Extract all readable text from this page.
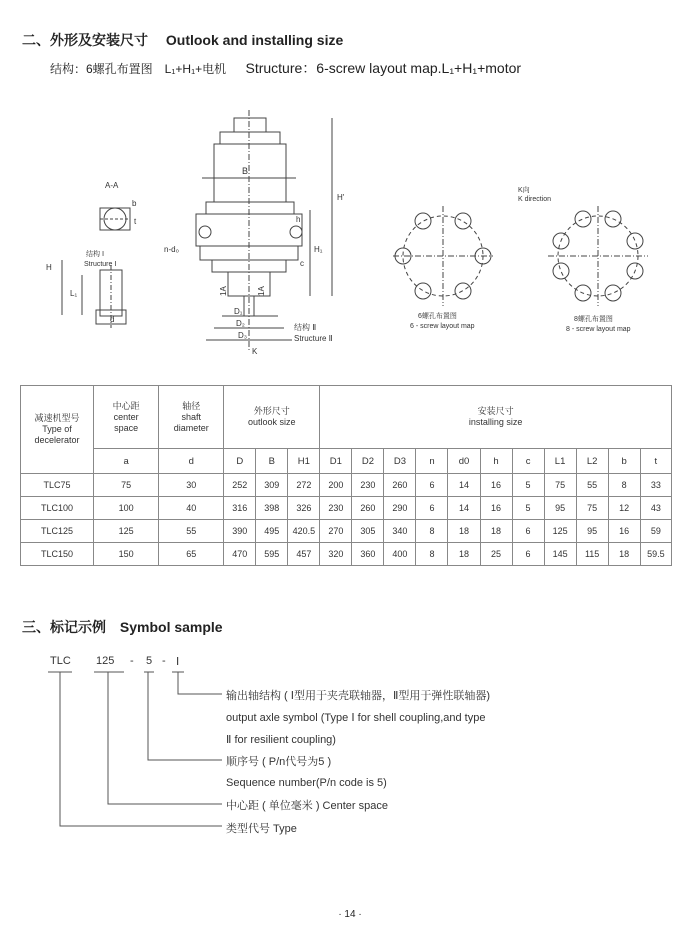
二、外形及安装尺寸 Outlook and installing size
结构：6螺孔布置图　L₁+H₁+电机 Structure：6-screw layout map.L₁+H₁+motor
A-A
b
t
H
结构 Ⅰ
Structure Ⅰ
L₁
d
B
H'
H₁
h
c
n-d₀
1A	1A
D₁
D₂
D₃
K
结构 Ⅱ
Structure Ⅱ
6螺孔布置图
6 - screw layout map
K向
K direction
8螺孔布置图
8 - screw layout map
减速机型号
Type of
decelerator	中心距
center
space	轴径
shaft
diameter	外形尺寸
outlook size			安装尺寸
installing size										
	a	d	D	B	H1	D1	D2	D3	n	d0	h	c	L1	L2	b	t
TLC75	75	30	252	309	272	200	230	260	6	14	16	5	75	55	8	33
TLC100	100	40	316	398	326	230	260	290	6	14	16	5	95	75	12	43
TLC125	125	55	390	495	420.5	270	305	340	8	18	18	6	125	95	16	59
TLC150	150	65	470	595	457	320	360	400	8	18	25	6	145	115	18	59.5
三、标记示例 Symbol sample
TLC 125 - 5 - Ⅰ
输出轴结构 ( Ⅰ型用于夹壳联轴器，Ⅱ型用于弹性联轴器)
output axle symbol (Type Ⅰ for shell coupling,and type
Ⅱ for resilient coupling)
顺序号 ( P/n代号为5 )
Sequence number(P/n code is 5)
中心距 ( 单位毫米 ) Center space
类型代号 Type
· 14 ·
